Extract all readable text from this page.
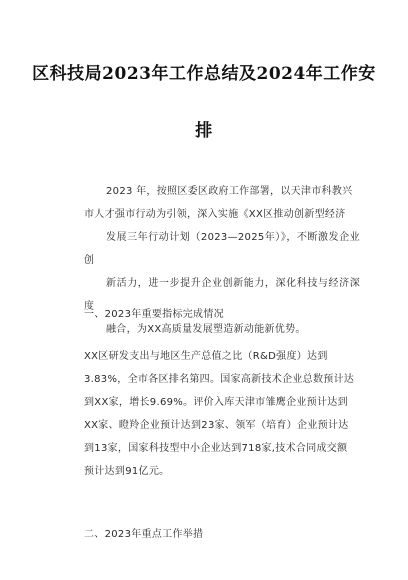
区科技局2023年工作总结及2024年工作安
排
2023 年，按照区委区政府工作部署，以天津市科教兴
市人才强市行动为引领，深入实施《XX区推动创新型经济
发展三年行动计划（2023—2025年）》，不断激发企业创
新活力，进一步提升企业创新能力，深化科技与经济深度
融合，为XX高质量发展塑造新动能新优势。
一、2023年重要指标完成情况
XX区研发支出与地区生产总值之比（R&D强度）达到
3.83%，全市各区排名第四。国家高新技术企业总数预计达
到XX家，增长9.69%。评价入库天津市雏鹰企业预计达到
XX家、瞪羚企业预计达到23家、领军（培育）企业预计达
到13家，国家科技型中小企业达到718家,技术合同成交额
预计达到91亿元。
二、2023年重点工作举措
